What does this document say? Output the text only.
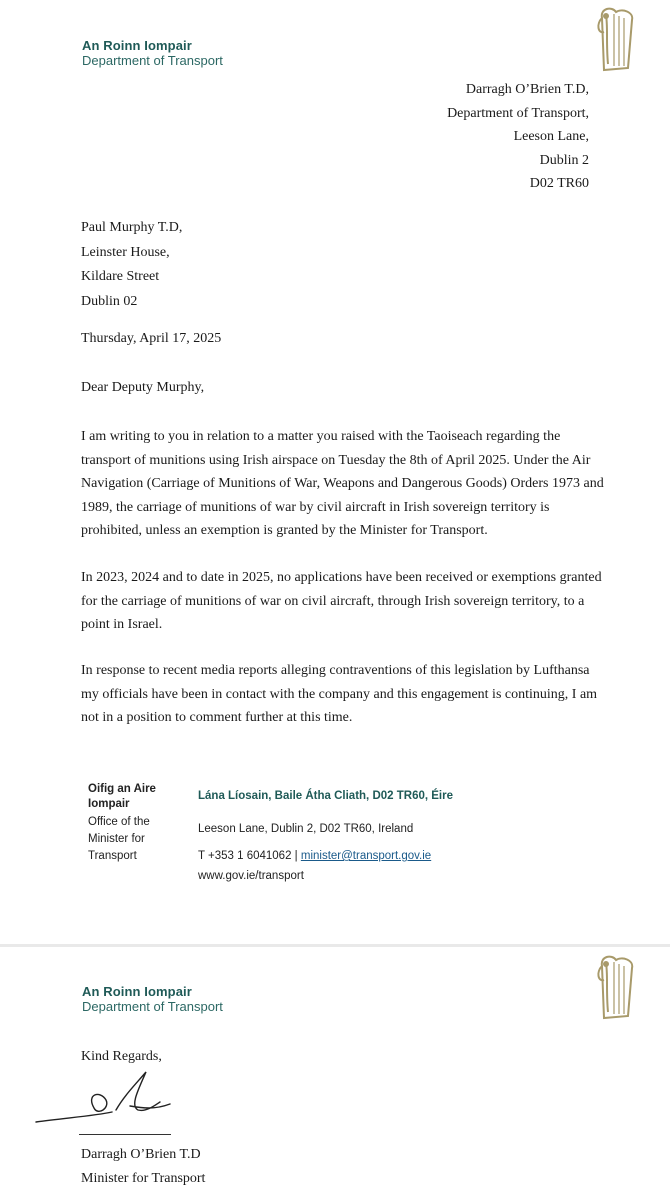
An Roinn Iompair
Department of Transport
Darragh O’Brien T.D,
Department of Transport,
Leeson Lane,
Dublin 2
D02 TR60
Paul Murphy T.D,
Leinster House,
Kildare Street
Dublin 02
Thursday, April 17, 2025
Dear Deputy Murphy,

I am writing to you in relation to a matter you raised with the Taoiseach regarding the
transport of munitions using Irish airspace on Tuesday the 8th of April 2025. Under the Air
Navigation (Carriage of Munitions of War, Weapons and Dangerous Goods) Orders 1973 and
1989, the carriage of munitions of war by civil aircraft in Irish sovereign territory is
prohibited, unless an exemption is granted by the Minister for Transport.

In 2023, 2024 and to date in 2025, no applications have been received or exemptions granted
for the carriage of munitions of war on civil aircraft, through Irish sovereign territory, to a
point in Israel.

In response to recent media reports alleging contraventions of this legislation by Lufthansa
my officials have been in contact with the company and this engagement is continuing, I am
not in a position to comment further at this time.

Oifig an Aire Iompair
Office of the Minister for Transport
Lána Líosain, Baile Átha Cliath, D02 TR60, Éire
Leeson Lane, Dublin 2, D02 TR60, Ireland
T +353 1 6041062 | minister@transport.gov.ie
www.gov.ie/transport
An Roinn Iompair
Department of Transport
Kind Regards,
Darragh O’Brien T.D
Minister for Transport
